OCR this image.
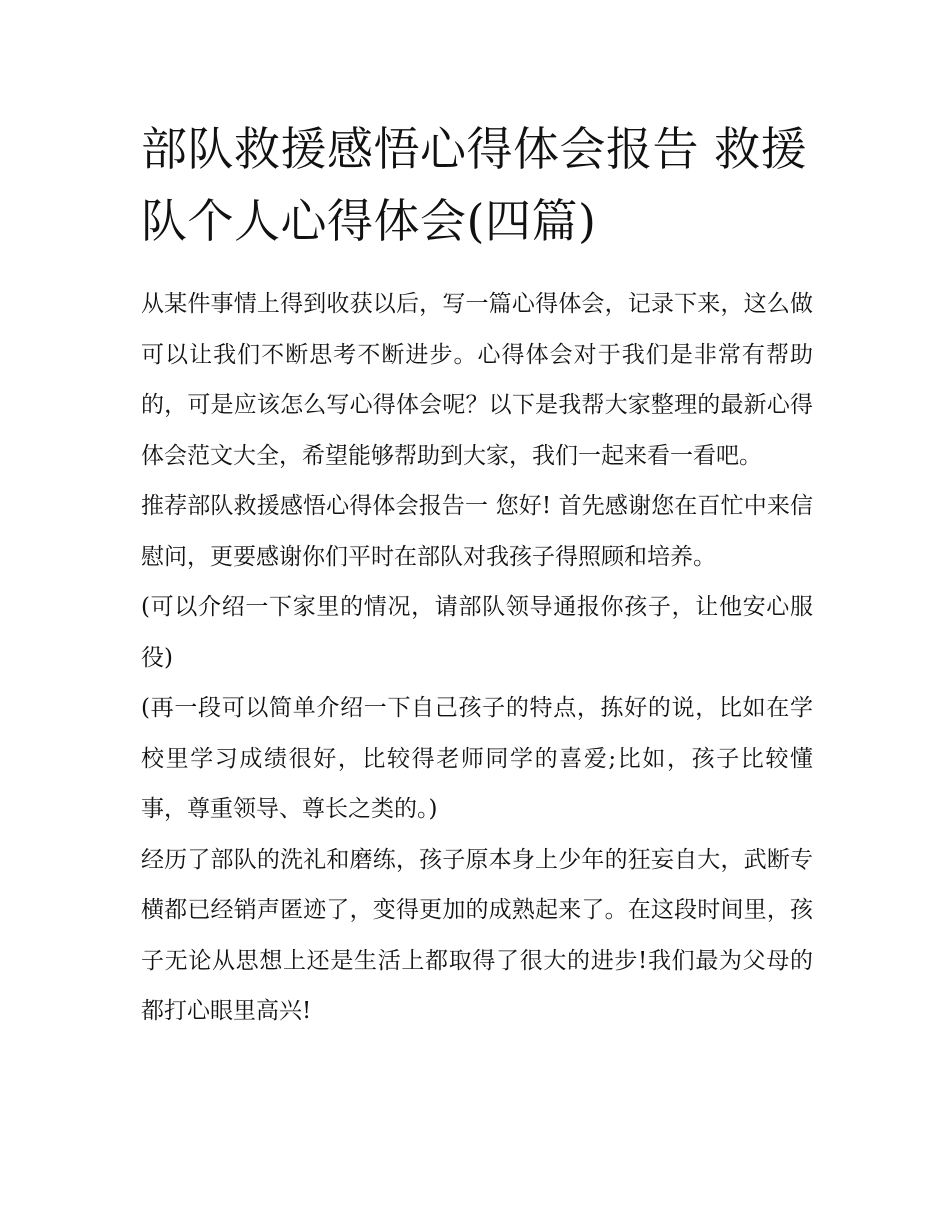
部队救援感悟心得体会报告 救援队个人心得体会(四篇)

从某件事情上得到收获以后，写一篇心得体会，记录下来，这么做可以让我们不断思考不断进步。心得体会对于我们是非常有帮助的，可是应该怎么写心得体会呢？以下是我帮大家整理的最新心得体会范文大全，希望能够帮助到大家，我们一起来看一看吧。

推荐部队救援感悟心得体会报告一 您好! 首先感谢您在百忙中来信慰问，更要感谢你们平时在部队对我孩子得照顾和培养。

(可以介绍一下家里的情况，请部队领导通报你孩子，让他安心服役)

(再一段可以简单介绍一下自己孩子的特点，拣好的说，比如在学校里学习成绩很好，比较得老师同学的喜爱;比如，孩子比较懂事，尊重领导、尊长之类的。)

经历了部队的洗礼和磨练，孩子原本身上少年的狂妄自大，武断专横都已经销声匿迹了，变得更加的成熟起来了。在这段时间里，孩子无论从思想上还是生活上都取得了很大的进步!我们最为父母的都打心眼里高兴!
